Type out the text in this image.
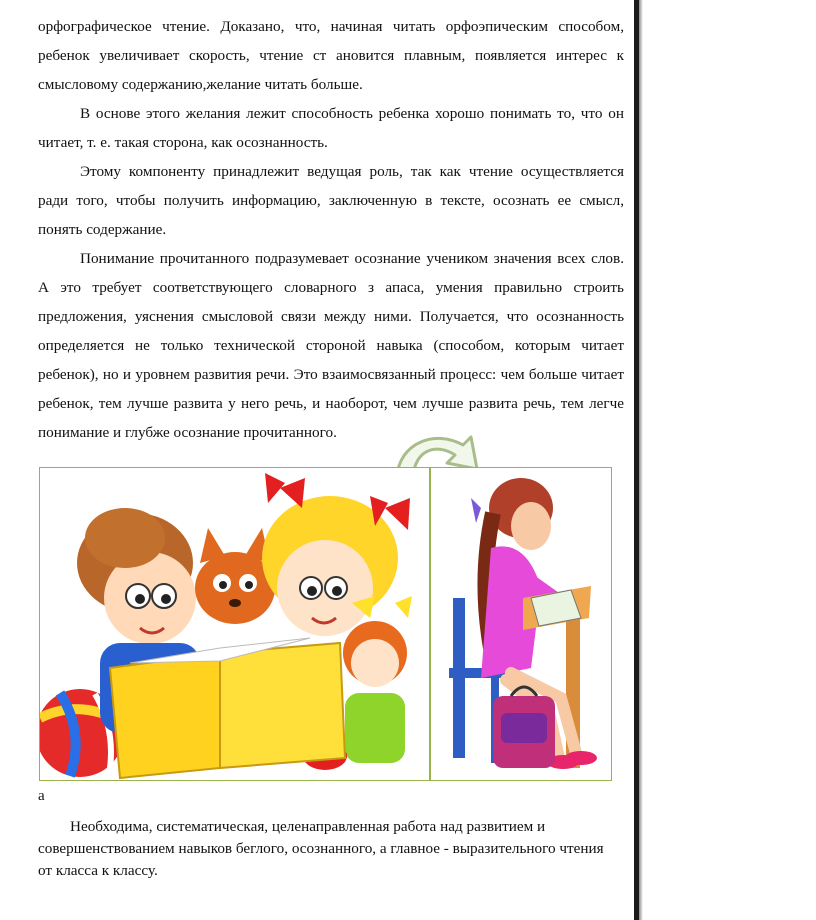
орфографическое чтение. Доказано, что, начиная читать орфоэпическим способом, ребенок увеличивает скорость, чтение ст ановится плавным, появляется интерес к смысловому содержанию,желание читать больше.

В основе этого желания лежит способность ребенка хорошо понимать то, что он читает, т. е. такая сторона, как осознанность.

Этому компоненту принадлежит ведущая роль, так как чтение осуществляется ради того, чтобы получить информацию, заключенную в тексте, осознать ее смысл, понять содержание.

Понимание прочитанного подразумевает осознание учеником значения всех слов. А это требует соответствующего словарного з апаса, умения правильно строить предложения, уяснения смысловой связи между ними. Получается, что осознанность определяется не только технической стороной навыка (способом, которым читает ребенок), но и уровнем развития речи. Это взаимосвязанный процесс: чем больше читает ребенок, тем лучше развита у него речь, и наоборот, чем лучше развита речь, тем легче понимание и глубже осознание прочитанного.

а

Необходима, систематическая, целенаправленная работа над развитием и совершенствованием навыков беглого, осознанного, а главное - выразительного чтения от класса к классу.
